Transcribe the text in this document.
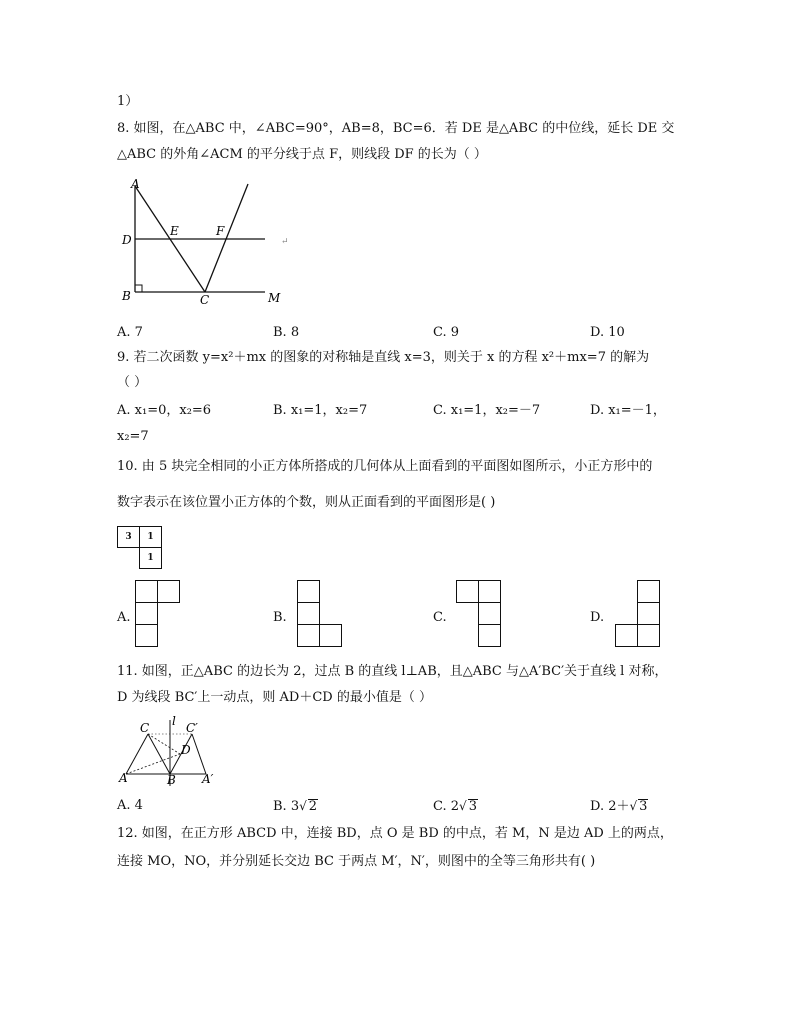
1）
8. 如图，在△ABC 中，∠ABC=90°，AB=8，BC=6．若 DE 是△ABC 的中位线，延长 DE 交
△ABC 的外角∠ACM 的平分线于点 F，则线段 DF 的长为（ ）
A
D
E	F
B	C	M
↵
A. 7	B. 8	C. 9	D. 10
9. 若二次函数 y=x²＋mx 的图象的对称轴是直线 x=3，则关于 x 的方程 x²＋mx=7 的解为
（ ）
A. x₁=0，x₂=6	B. x₁=1，x₂=7	C. x₁=1，x₂=－7	D. x₁=－1，
x₂=7
10. 由 5 块完全相同的小正方体所搭成的几何体从上面看到的平面图如图所示，小正方形中的
数字表示在该位置小正方体的个数，则从正面看到的平面图形是( )
3	1
1
A.	B.	C.	D.
11. 如图，正△ABC 的边长为 2，过点 B 的直线 l⊥AB，且△ABC 与△A′BC′关于直线 l 对称，
D 为线段 BC′上一动点，则 AD＋CD 的最小值是（ ）
C l C′
D
A	B A′
A. 4	B. 3√ 2	C. 2√ 3	D. 2＋√ 3
12. 如图，在正方形 ABCD 中，连接 BD，点 O 是 BD 的中点，若 M，N 是边 AD 上的两点，
连接 MO，NO，并分别延长交边 BC 于两点 M′，N′，则图中的全等三角形共有( )
